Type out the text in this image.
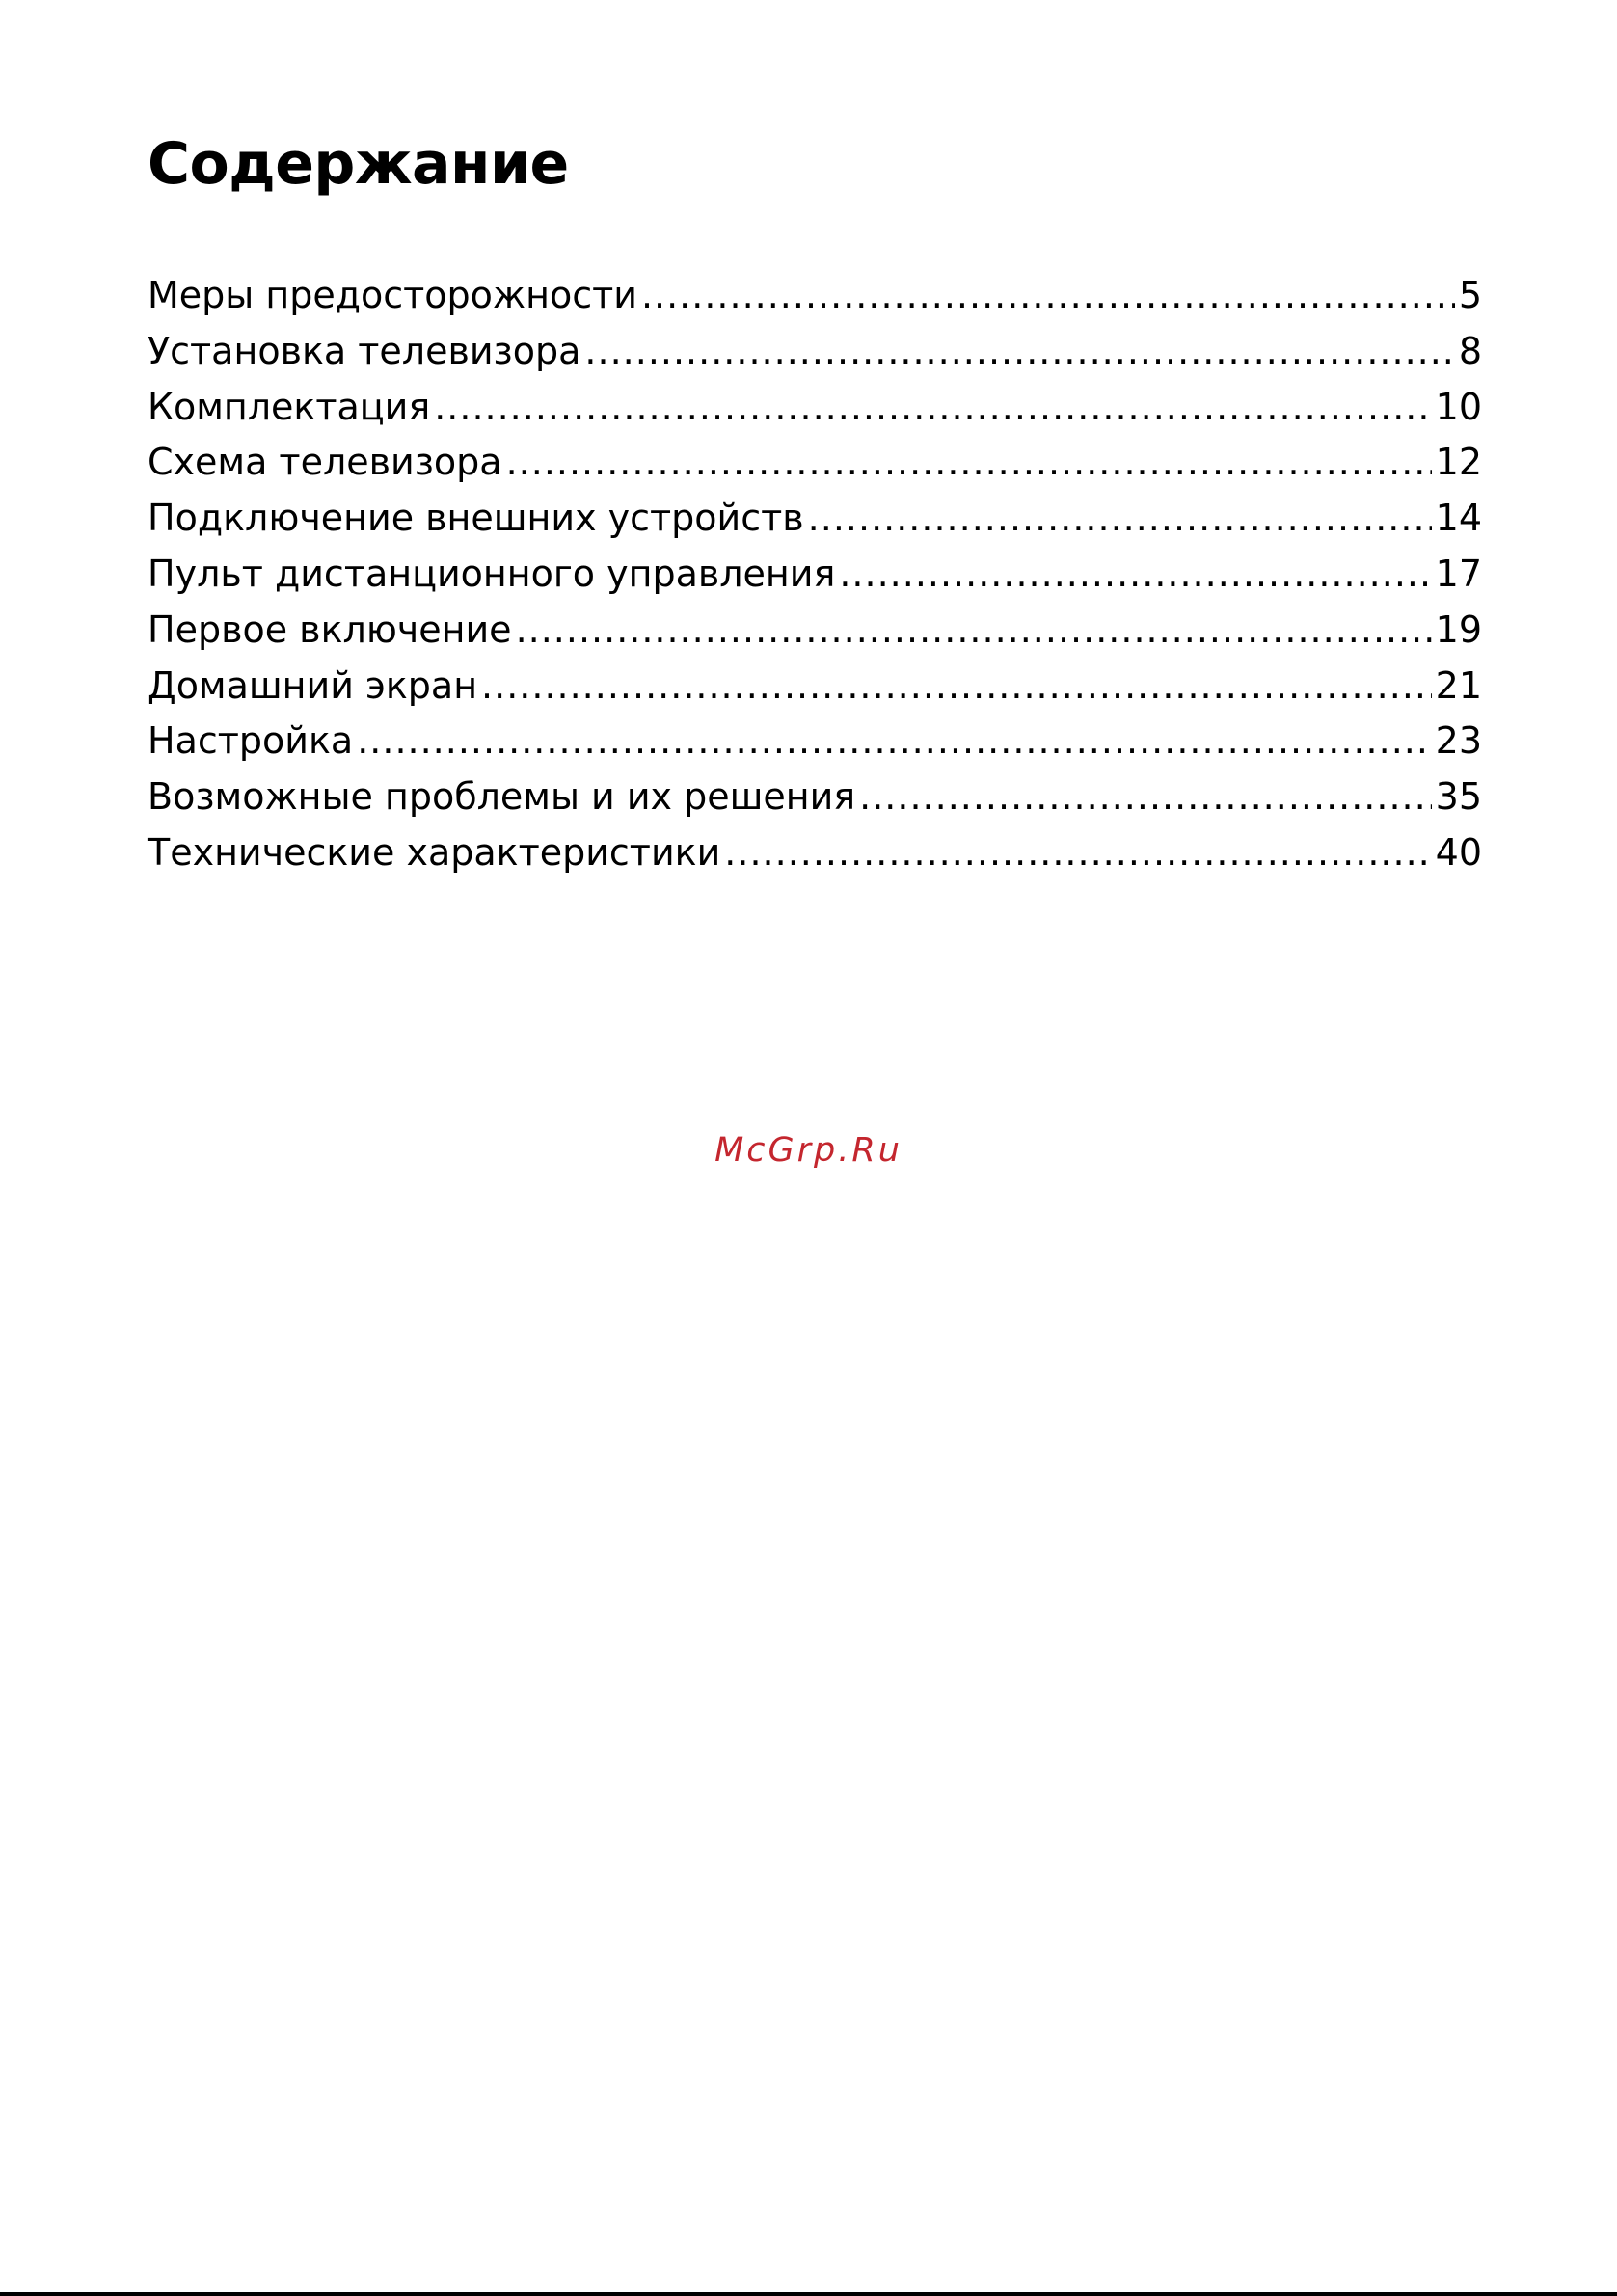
Содержание
Меры предосторожности .....	5
Установка телевизора .....	8
Комплектация .....	10
Схема телевизора .....	12
Подключение внешних устройств .....	14
Пульт дистанционного управления .....	17
Первое включение .....	19
Домашний экран .....	21
Настройка .....	23
Возможные проблемы и их решения .....	35
Технические характеристики .....	40
McGrp.Ru
